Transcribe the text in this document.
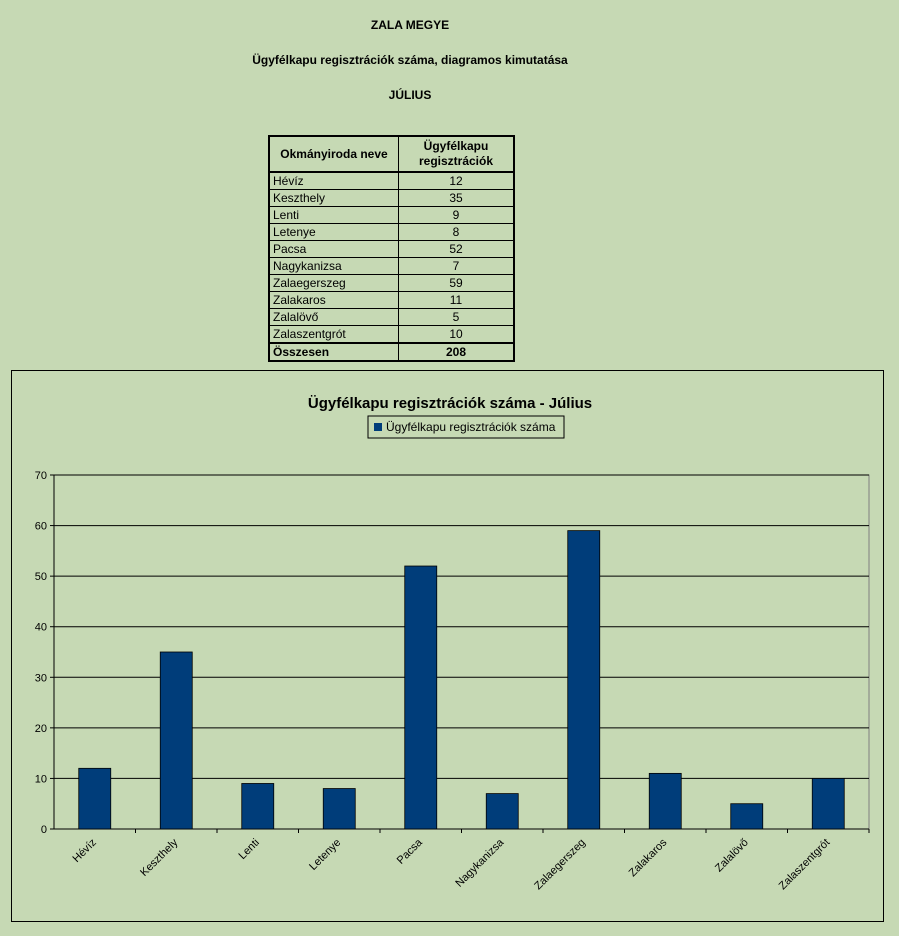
ZALA MEGYE
Ügyfélkapu regisztrációk száma, diagramos kimutatása
JÚLIUS
Okmányiroda neve	Ügyfélkapu
regisztrációk
Hévíz	12
Keszthely	35
Lenti	9
Letenye	8
Pacsa	52
Nagykanizsa	7
Zalaegerszeg	59
Zalakaros	11
Zalalövő	5
Zalaszentgrót	10
Összesen	208
Ügyfélkapu regisztrációk száma - Július
Ügyfélkapu regisztrációk száma
0
10
20
30
40
50
60
70
Hévíz	Keszthely	Lenti	Letenye	Pacsa	Nagykanizsa Zalaegerszeg	Zalakaros	Zalalövő Zalaszentgrót
